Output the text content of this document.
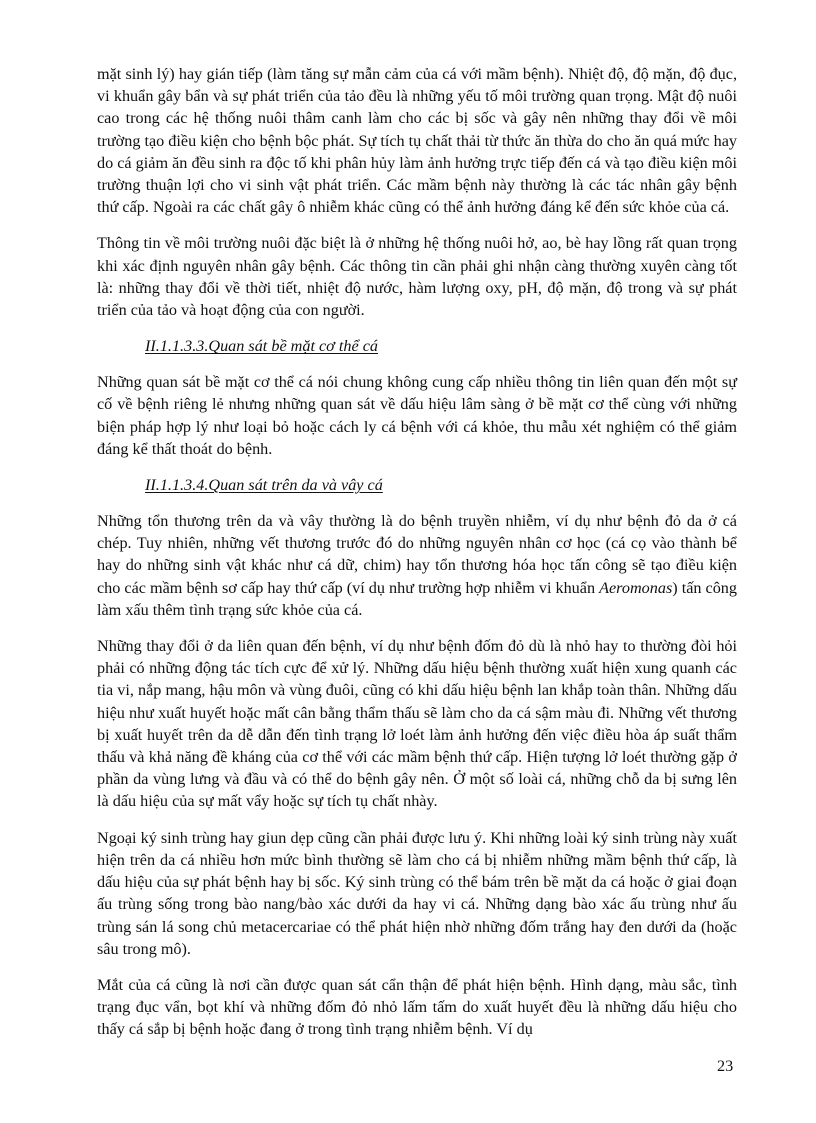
mặt sinh lý) hay gián tiếp (làm tăng sự mẫn cảm của cá với mầm bệnh). Nhiệt độ, độ mặn, độ đục, vi khuẩn gây bẩn và sự phát triển của tảo đều là những yếu tố môi trường quan trọng. Mật độ nuôi cao trong các hệ thống nuôi thâm canh làm cho các bị sốc và gây nên những thay đổi về môi trường tạo điều kiện cho bệnh bộc phát. Sự tích tụ chất thải từ thức ăn thừa do cho ăn quá mức hay do cá giảm ăn đều sinh ra độc tố khi phân hủy làm ảnh hưởng trực tiếp đến cá và tạo điều kiện môi trường thuận lợi cho vi sinh vật phát triển. Các mầm bệnh này thường là các tác nhân gây bệnh thứ cấp. Ngoài ra các chất gây ô nhiễm khác cũng có thể ảnh hưởng đáng kể đến sức khỏe của cá.

Thông tin về môi trường nuôi đặc biệt là ở những hệ thống nuôi hở, ao, bè hay lồng rất quan trọng khi xác định nguyên nhân gây bệnh. Các thông tin cần phải ghi nhận càng thường xuyên càng tốt là: những thay đổi về thời tiết, nhiệt độ nước, hàm lượng oxy, pH, độ mặn, độ trong và sự phát triển của tảo và hoạt động của con người.

II.1.1.3.3.Quan sát bề mặt cơ thể cá

Những quan sát bề mặt cơ thể cá nói chung không cung cấp nhiều thông tin liên quan đến một sự cố về bệnh riêng lẻ nhưng những quan sát về dấu hiệu lâm sàng ở bề mặt cơ thể cùng với những biện pháp hợp lý như loại bỏ hoặc cách ly cá bệnh với cá khỏe, thu mẫu xét nghiệm có thể giảm đáng kể thất thoát do bệnh.

II.1.1.3.4.Quan sát trên da và vây cá

Những tổn thương trên da và vây thường là do bệnh truyền nhiễm, ví dụ như bệnh đỏ da ở cá chép. Tuy nhiên, những vết thương trước đó do những nguyên nhân cơ học (cá cọ vào thành bể hay do những sinh vật khác như cá dữ, chim) hay tổn thương hóa học tấn công sẽ tạo điều kiện cho các mầm bệnh sơ cấp hay thứ cấp (ví dụ như trường hợp nhiễm vi khuẩn Aeromonas) tấn công làm xấu thêm tình trạng sức khỏe của cá.

Những thay đổi ở da liên quan đến bệnh, ví dụ như bệnh đốm đỏ dù là nhỏ hay to thường đòi hỏi phải có những động tác tích cực để xử lý. Những dấu hiệu bệnh thường xuất hiện xung quanh các tia vi, nắp mang, hậu môn và vùng đuôi, cũng có khi dấu hiệu bệnh lan khắp toàn thân. Những dấu hiệu như xuất huyết hoặc mất cân bằng thẩm thấu sẽ làm cho da cá sậm màu đi. Những vết thương bị xuất huyết trên da dễ dẫn đến tình trạng lở loét làm ảnh hưởng đến việc điều hòa áp suất thẩm thấu và khả năng đề kháng của cơ thể với các mầm bệnh thứ cấp. Hiện tượng lở loét thường gặp ở phần da vùng lưng và đầu và có thể do bệnh gây nên. Ở một số loài cá, những chỗ da bị sưng lên là dấu hiệu của sự mất vẩy hoặc sự tích tụ chất nhày.

Ngoại ký sinh trùng hay giun dẹp cũng cần phải được lưu ý. Khi những loài ký sinh trùng này xuất hiện trên da cá nhiều hơn mức bình thường sẽ làm cho cá bị nhiễm những mầm bệnh thứ cấp, là dấu hiệu của sự phát bệnh hay bị sốc. Ký sinh trùng có thể bám trên bề mặt da cá hoặc ở giai đoạn ấu trùng sống trong bào nang/bào xác dưới da hay vi cá. Những dạng bào xác ấu trùng như ấu trùng sán lá song chủ metacercariae có thể phát hiện nhờ những đốm trắng hay đen dưới da (hoặc sâu trong mô).

Mắt của cá cũng là nơi cần được quan sát cẩn thận để phát hiện bệnh. Hình dạng, màu sắc, tình trạng đục vẩn, bọt khí và những đốm đỏ nhỏ lấm tấm do xuất huyết đều là những dấu hiệu cho thấy cá sắp bị bệnh hoặc đang ở trong tình trạng nhiễm bệnh. Ví dụ

23
